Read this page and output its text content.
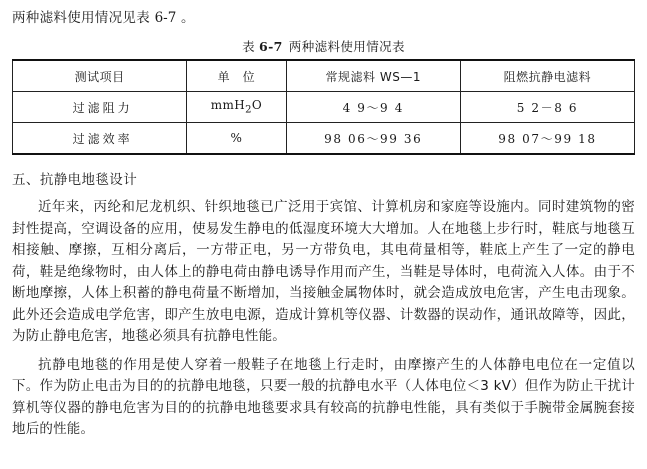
两种滤料使用情况见表 6-7 。

表 6-7 两种滤料使用情况表
测试项目	单　位	常规滤料 WS—1	阻燃抗静电滤料
过滤阻力	mmH$_2$O	4 9～9 4	5 2－8 6
过滤效率	%	98 06～99 36	98 07～99 18

五、抗静电地毯设计

近年来，丙纶和尼龙机织、针织地毯已广泛用于宾馆、计算机房和家庭等设施内。同时建筑物的密封性提高，空调设备的应用，使易发生静电的低湿度环境大大增加。人在地毯上步行时，鞋底与地毯互相接触、摩擦，互相分离后，一方带正电，另一方带负电，其电荷量相等，鞋底上产生了一定的静电荷，鞋是绝缘物时，由人体上的静电荷由静电诱导作用而产生，当鞋是导体时，电荷流入人体。由于不断地摩擦，人体上积蓄的静电荷量不断增加，当接触金属物体时，就会造成放电危害，产生电击现象。此外还会造成电学危害，即产生放电电源，造成计算机等仪器、计数器的误动作，通讯故障等，因此，为防止静电危害，地毯必须具有抗静电性能。

抗静电地毯的作用是使人穿着一般鞋子在地毯上行走时，由摩擦产生的人体静电电位在一定值以下。作为防止电击为目的的抗静电地毯，只要一般的抗静电水平（人体电位＜3 kV）但作为防止干扰计算机等仪器的静电危害为目的的抗静电地毯要求具有较高的抗静电性能，具有类似于手腕带金属腕套接地后的性能。
